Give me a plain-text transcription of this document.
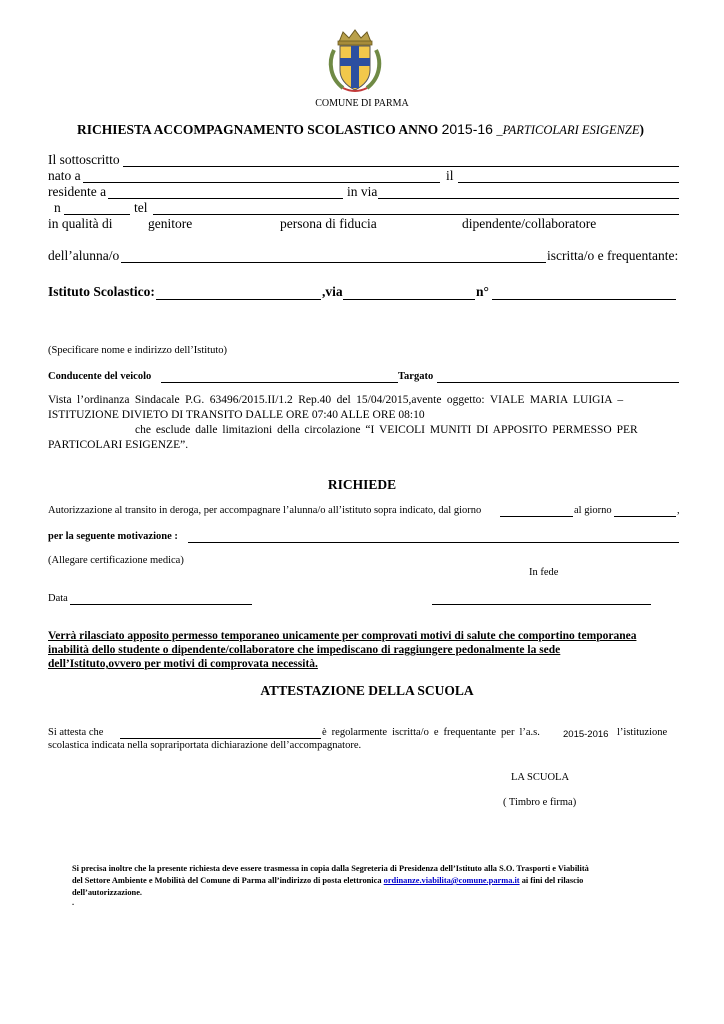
COMUNE DI PARMA
RICHIESTA ACCOMPAGNAMENTO SCOLASTICO ANNO 2015-16 _PARTICOLARI ESIGENZE)
Il sottoscritto
nato a	il
residente a	in via
n	tel
in qualità di	genitore	persona di fiducia	dipendente/collaboratore
dell’alunna/o	iscritta/o e frequentante:
Istituto Scolastico:	,via	n°
(Specificare nome e indirizzo dell’Istituto)
Conducente del veicolo	Targato
Vista l’ordinanza Sindacale P.G. 63496/2015.II/1.2 Rep.40 del 15/04/2015,avente oggetto: VIALE MARIA LUIGIA –
ISTITUZIONE DIVIETO DI TRANSITO DALLE ORE 07:40 ALLE ORE 08:10
che esclude dalle limitazioni della circolazione “I VEICOLI MUNITI DI APPOSITO PERMESSO PER
PARTICOLARI ESIGENZE”.
RICHIEDE
Autorizzazione al transito in deroga, per accompagnare l’alunna/o all’istituto sopra indicato, dal giorno	al giorno	,
per la seguente motivazione :
(Allegare certificazione medica)
In fede
Data
Verrà rilasciato apposito permesso temporaneo unicamente per comprovati motivi di salute che comportino temporanea
inabilità dello studente o dipendente/collaboratore che impediscano di raggiungere pedonalmente la sede
dell’Istituto,ovvero per motivi di comprovata necessità.
ATTESTAZIONE DELLA SCUOLA
Si attesta che	è regolarmente iscritta/o e frequentante per l’a.s. 2015-2016 l’istituzione
scolastica indicata nella soprariportata dichiarazione dell’accompagnatore.
LA SCUOLA
( Timbro e firma)
Si precisa inoltre che la presente richiesta deve essere trasmessa in copia dalla Segreteria di Presidenza dell’Istituto alla S.O. Trasporti e Viabilità
del Settore Ambiente e Mobilità del Comune di Parma all’indirizzo di posta elettronica ordinanze.viabilita@comune.parma.it ai fini del rilascio
dell’autorizzazione.
.
